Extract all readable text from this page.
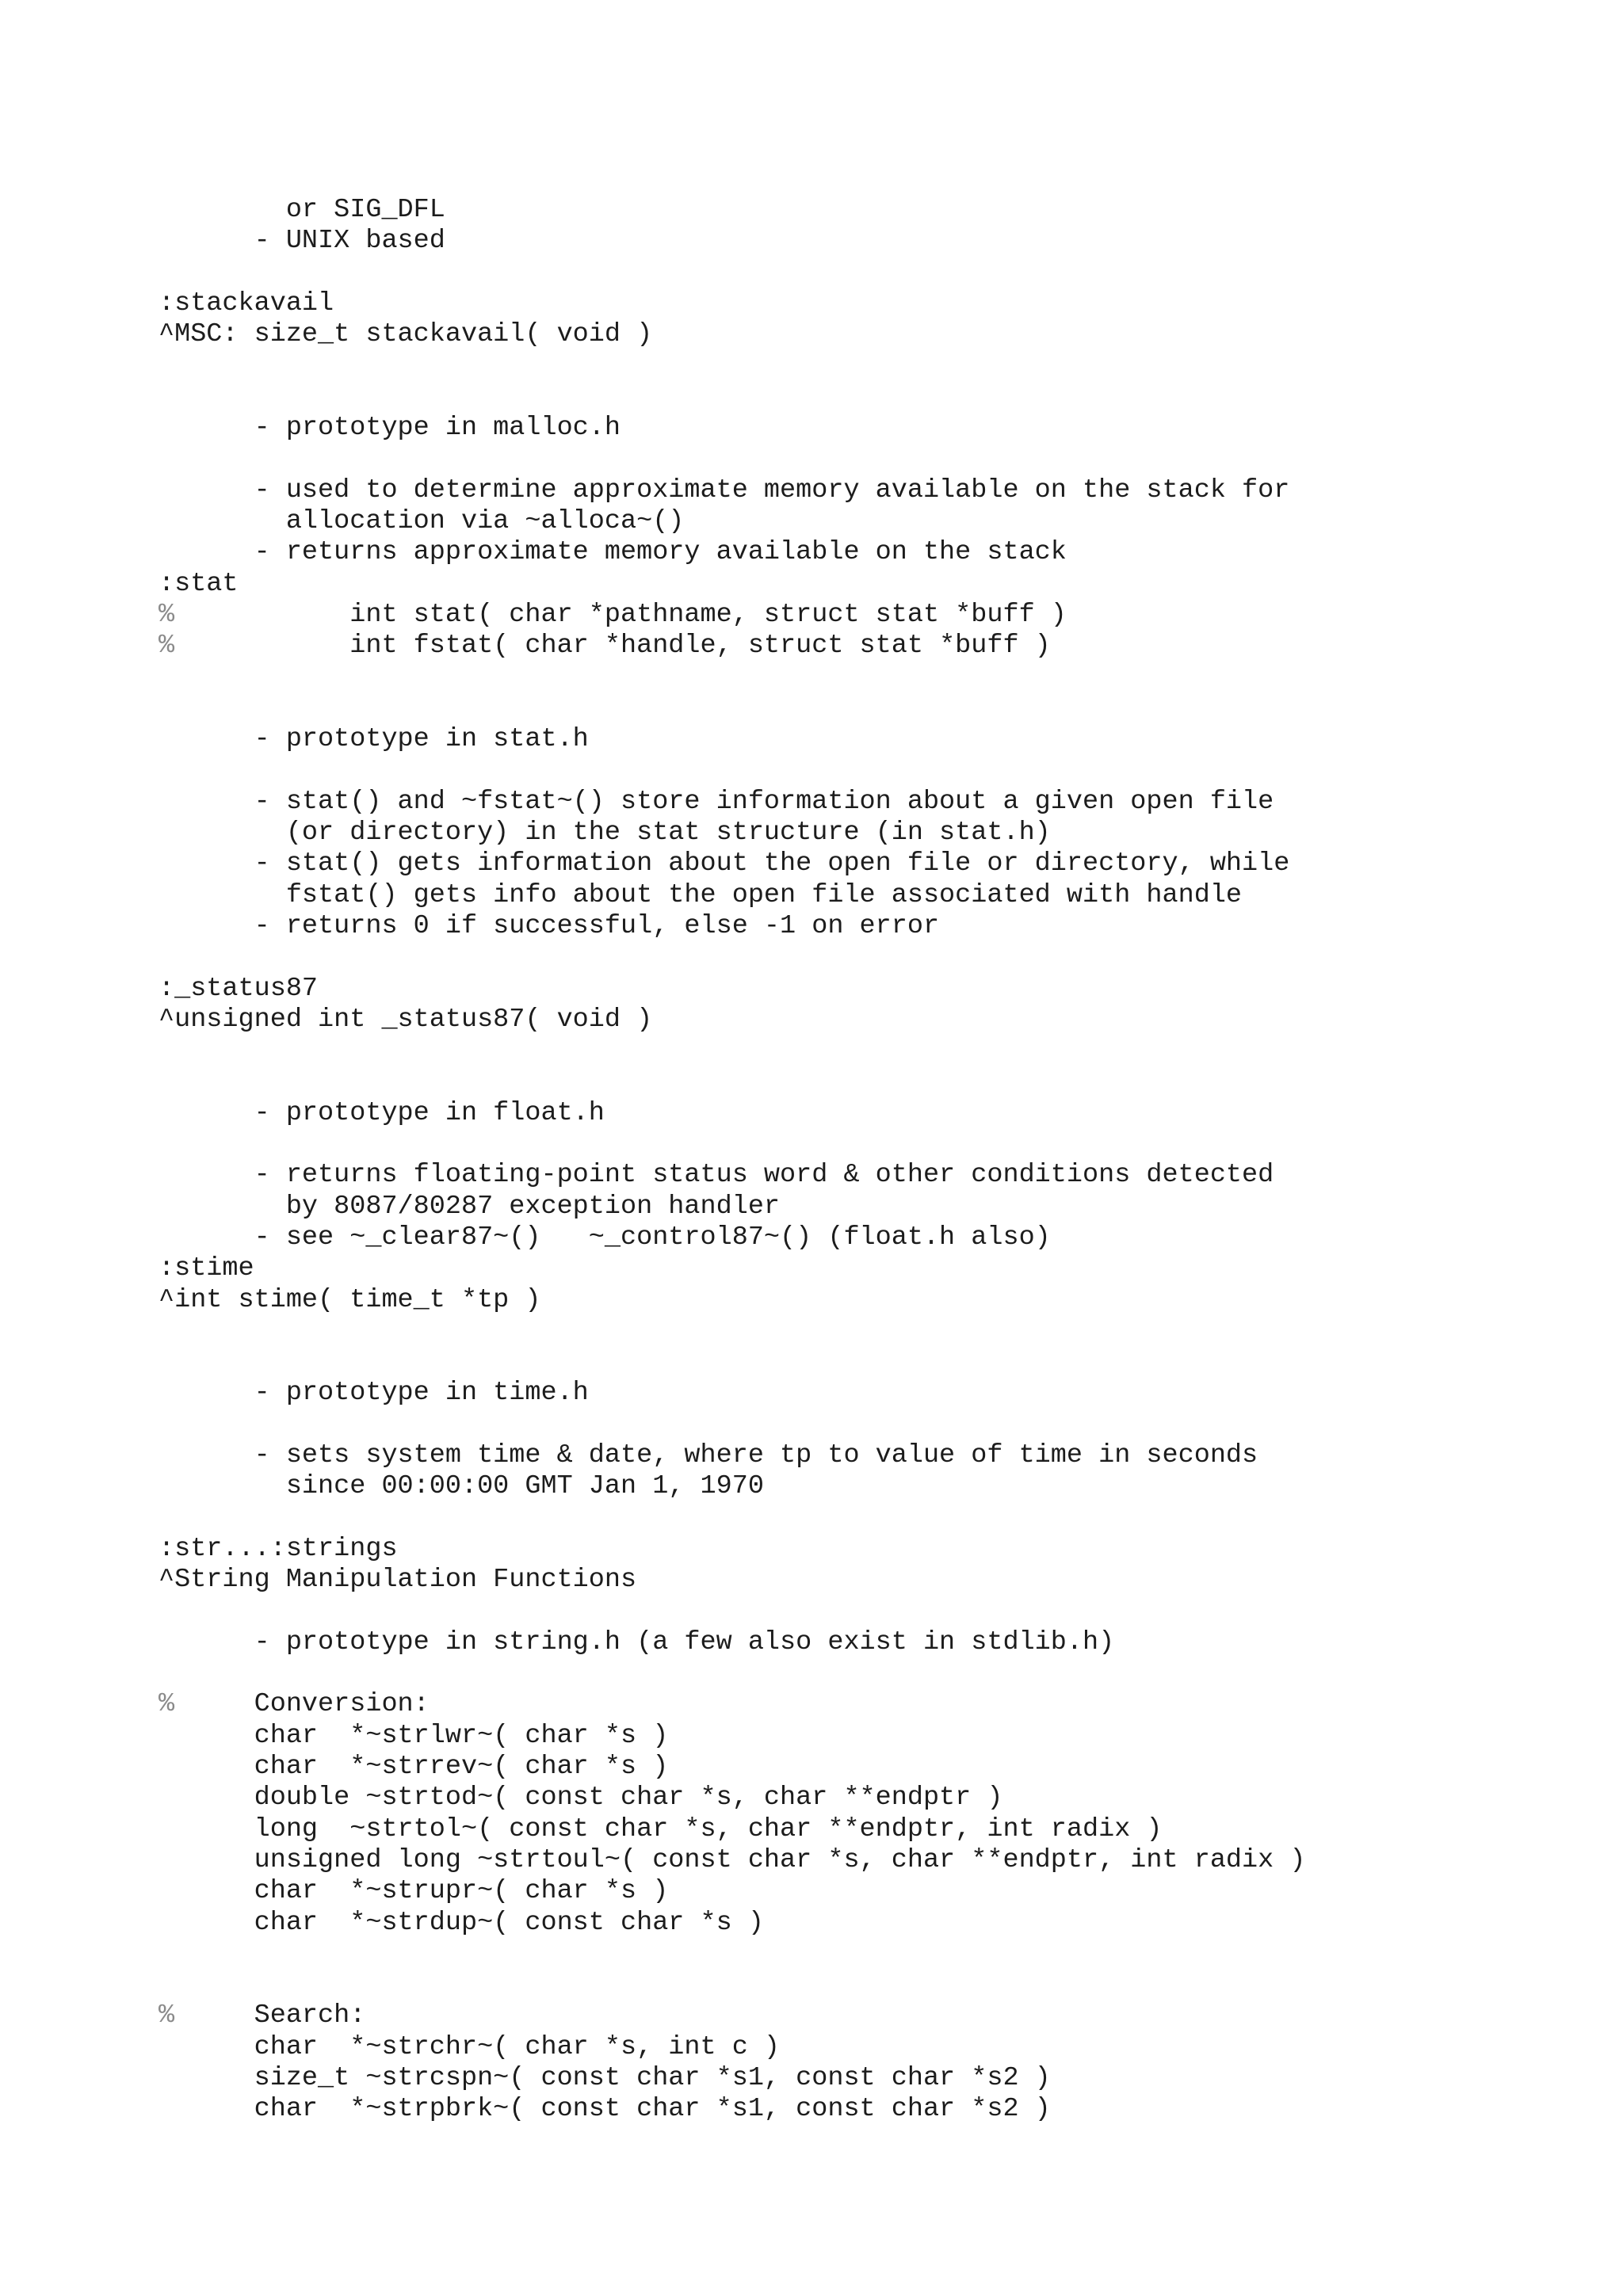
or SIG_DFL
- UNIX based
:stackavail
^MSC: size_t stackavail( void )
- prototype in malloc.h
- used to determine approximate memory available on the stack for
allocation via ~alloca~()
- returns approximate memory available on the stack
:stat
%           int stat( char *pathname, struct stat *buff )
%           int fstat( char *handle, struct stat *buff )
- prototype in stat.h
- stat() and ~fstat~() store information about a given open file
(or directory) in the stat structure (in stat.h)
- stat() gets information about the open file or directory, while
fstat() gets info about the open file associated with handle
- returns 0 if successful, else -1 on error
:_status87
^unsigned int _status87( void )
- prototype in float.h
- returns floating-point status word & other conditions detected
by 8087/80287 exception handler
- see ~_clear87~()   ~_control87~() (float.h also)
:stime
^int stime( time_t *tp )
- prototype in time.h
- sets system time & date, where tp to value of time in seconds
since 00:00:00 GMT Jan 1, 1970
:str...:strings
^String Manipulation Functions
- prototype in string.h (a few also exist in stdlib.h)
%     Conversion:
char  *~strlwr~( char *s )
char  *~strrev~( char *s )
double ~strtod~( const char *s, char **endptr )
long  ~strtol~( const char *s, char **endptr, int radix )
unsigned long ~strtoul~( const char *s, char **endptr, int radix )
char  *~strupr~( char *s )
char  *~strdup~( const char *s )
%     Search:
char  *~strchr~( char *s, int c )
size_t ~strcspn~( const char *s1, const char *s2 )
char  *~strpbrk~( const char *s1, const char *s2 )
